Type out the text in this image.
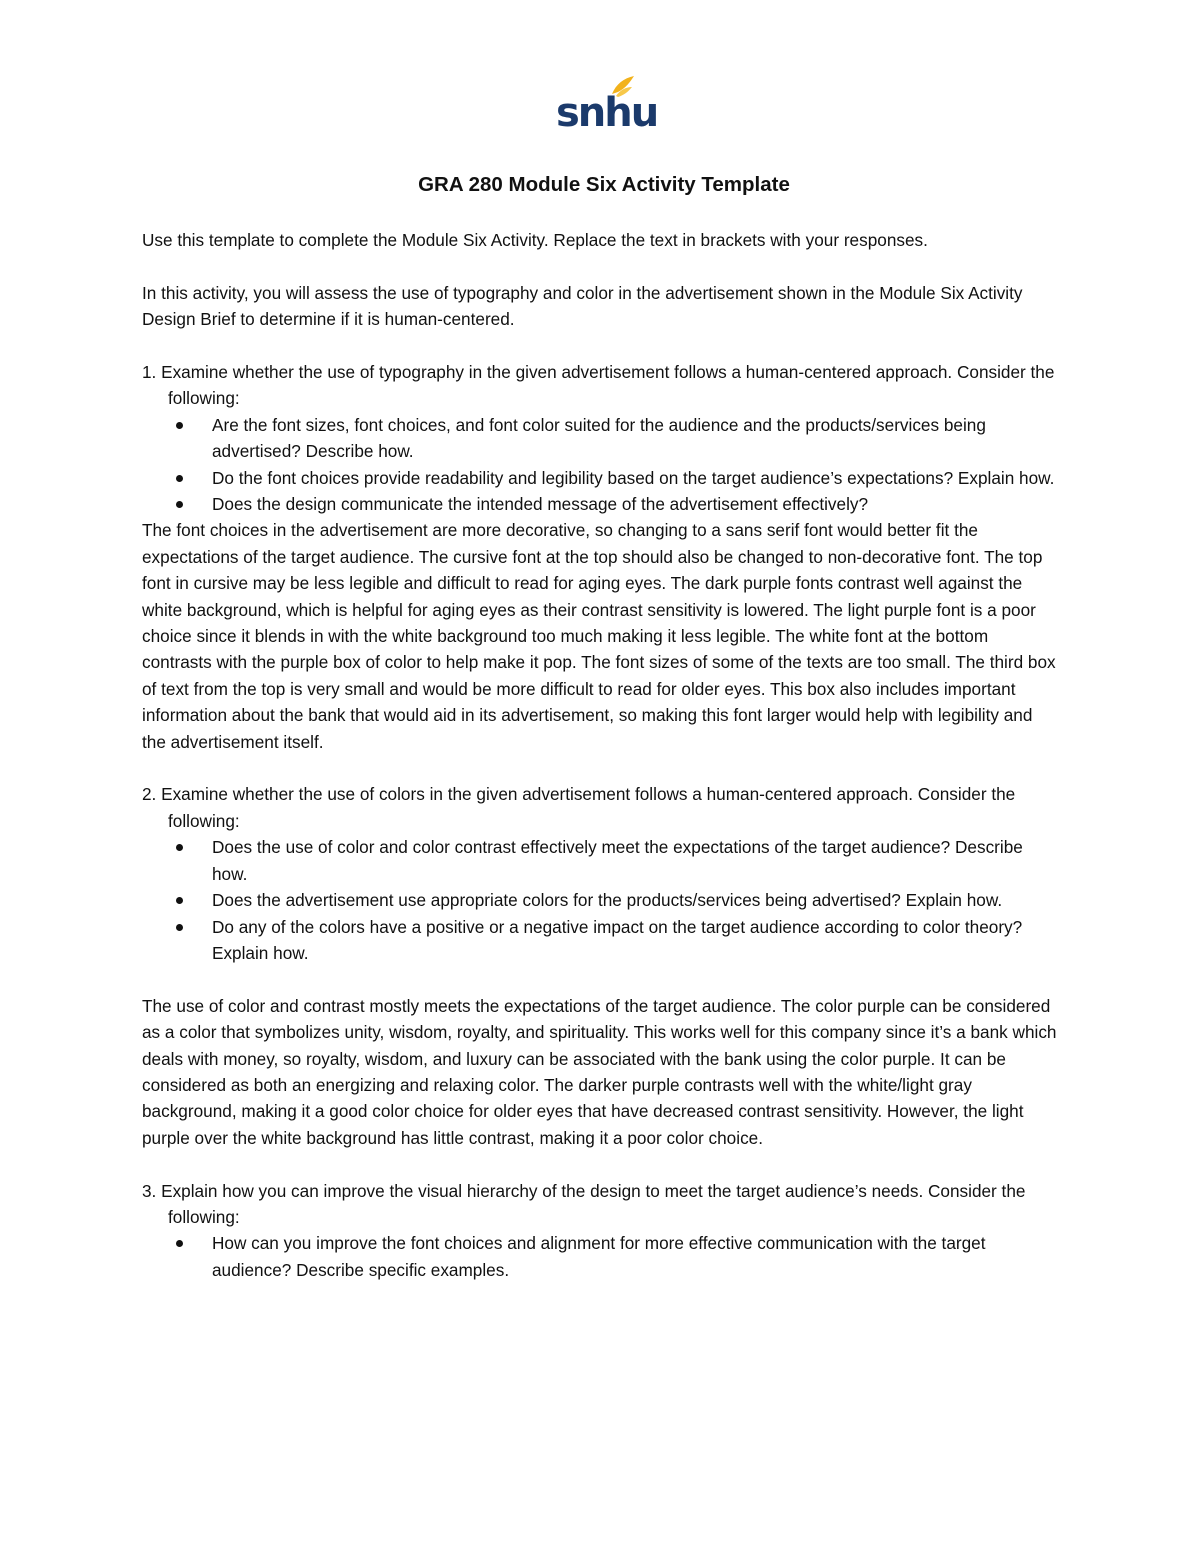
snhu
GRA 280 Module Six Activity Template

Use this template to complete the Module Six Activity. Replace the text in brackets with your responses.

In this activity, you will assess the use of typography and color in the advertisement shown in the Module Six Activity Design Brief to determine if it is human-centered.

1. Examine whether the use of typography in the given advertisement follows a human-centered approach. Consider the following:

Are the font sizes, font choices, and font color suited for the audience and the products/services being advertised? Describe how.
Do the font choices provide readability and legibility based on the target audience’s expectations? Explain how.
Does the design communicate the intended message of the advertisement effectively?

The font choices in the advertisement are more decorative, so changing to a sans serif font would better fit the expectations of the target audience. The cursive font at the top should also be changed to non-decorative font. The top font in cursive may be less legible and difficult to read for aging eyes. The dark purple fonts contrast well against the white background, which is helpful for aging eyes as their contrast sensitivity is lowered. The light purple font is a poor choice since it blends in with the white background too much making it less legible. The white font at the bottom contrasts with the purple box of color to help make it pop. The font sizes of some of the texts are too small. The third box of text from the top is very small and would be more difficult to read for older eyes. This box also includes important information about the bank that would aid in its advertisement, so making this font larger would help with legibility and the advertisement itself.

2. Examine whether the use of colors in the given advertisement follows a human-centered approach. Consider the following:

Does the use of color and color contrast effectively meet the expectations of the target audience? Describe how.
Does the advertisement use appropriate colors for the products/services being advertised? Explain how.
Do any of the colors have a positive or a negative impact on the target audience according to color theory? Explain how.

The use of color and contrast mostly meets the expectations of the target audience. The color purple can be considered as a color that symbolizes unity, wisdom, royalty, and spirituality. This works well for this company since it’s a bank which deals with money, so royalty, wisdom, and luxury can be associated with the bank using the color purple. It can be considered as both an energizing and relaxing color. The darker purple contrasts well with the white/light gray background, making it a good color choice for older eyes that have decreased contrast sensitivity. However, the light purple over the white background has little contrast, making it a poor color choice.

3. Explain how you can improve the visual hierarchy of the design to meet the target audience’s needs. Consider the following:

How can you improve the font choices and alignment for more effective communication with the target audience? Describe specific examples.
